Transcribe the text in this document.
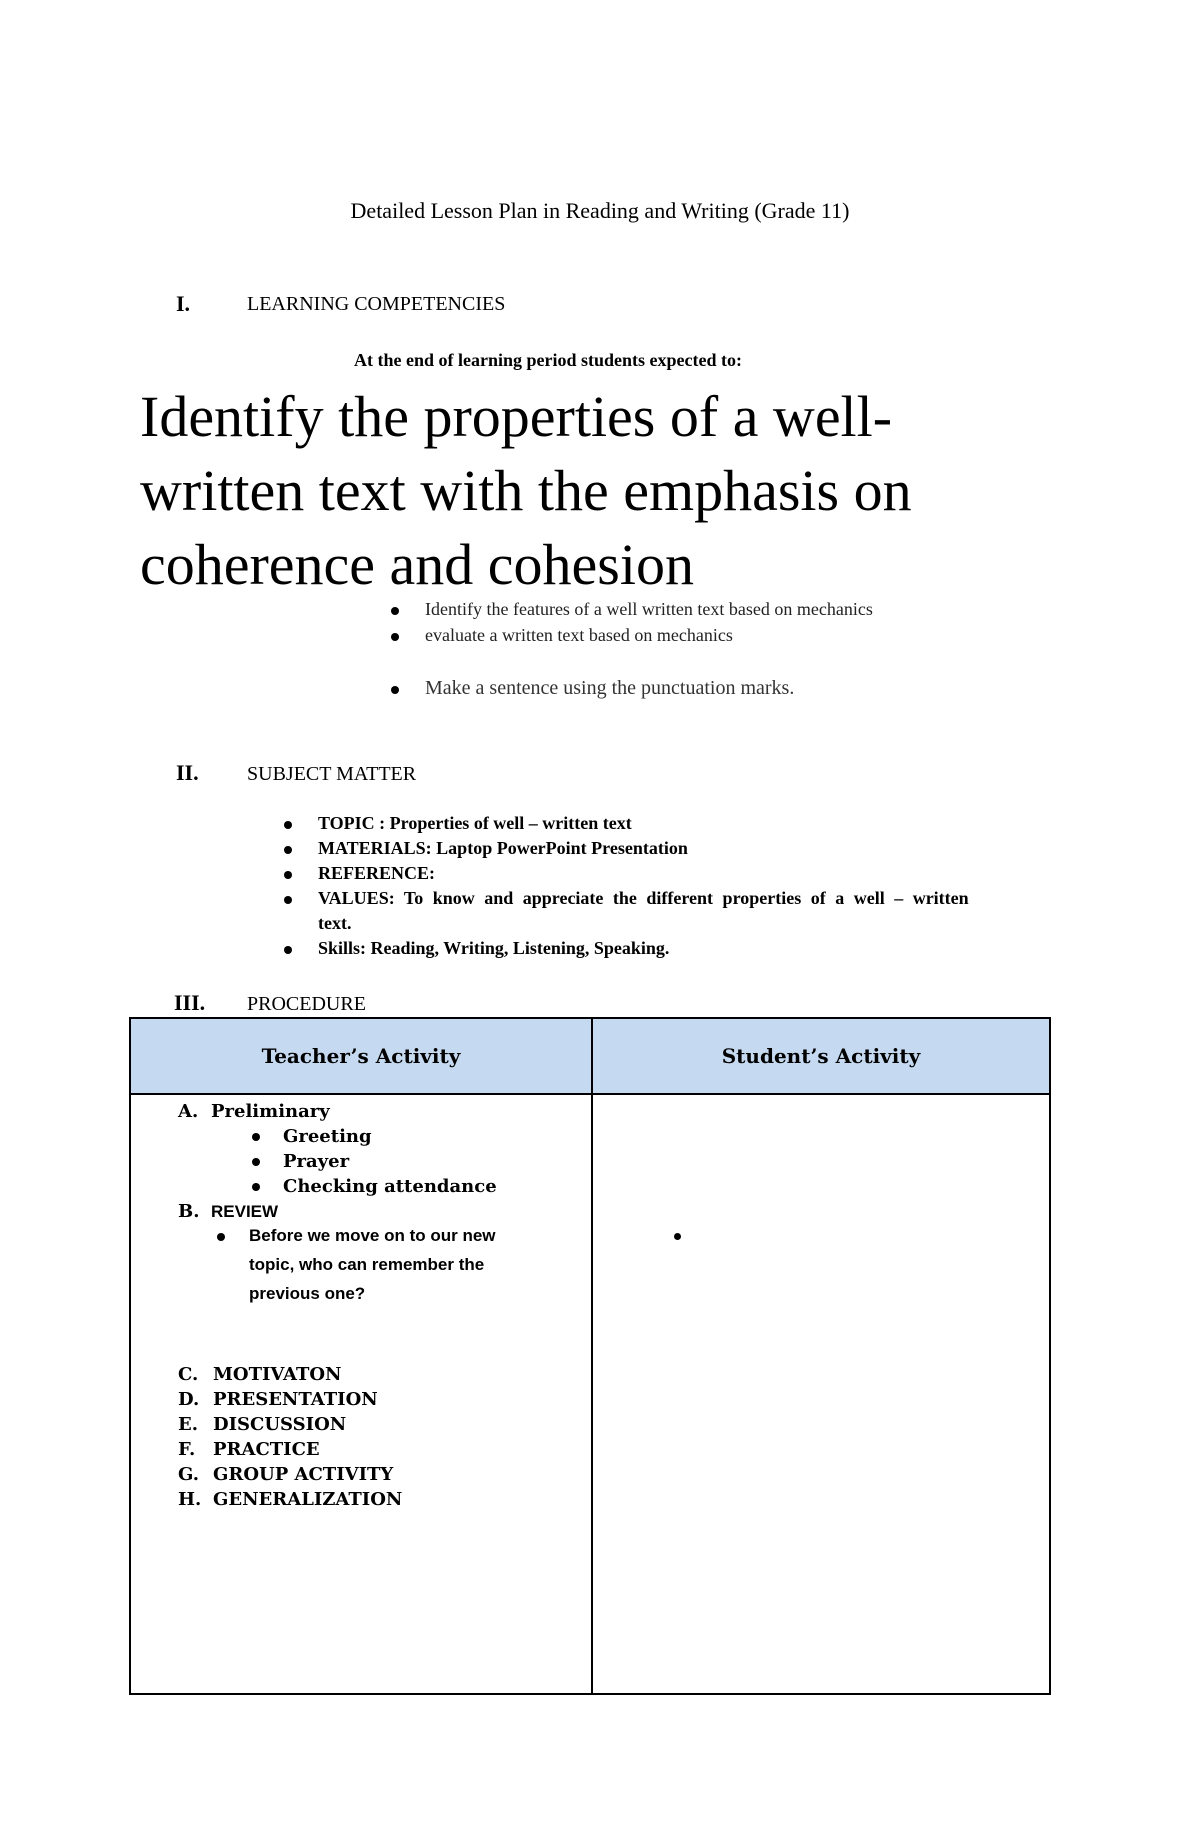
Detailed Lesson Plan in Reading and Writing (Grade 11)
I.	LEARNING COMPETENCIES
At the end of learning period students expected to:
Identify the properties of a well-
written text with the emphasis on
coherence and cohesion
Identify the features of a well written text based on mechanics
evaluate a written text based on mechanics
Make a sentence using the punctuation marks.
II. SUBJECT MATTER
TOPIC : Properties of well – written text
MATERIALS: Laptop PowerPoint Presentation
REFERENCE:
VALUES: To know and appreciate the different properties of a well – written
text.
Skills: Reading, Writing, Listening, Speaking.
III. PROCEDURE
Teacher’s Activity	Student’s Activity
A. Preliminary
Greeting
Prayer
Checking attendance
B. REVIEW
Before we move on to our new
topic, who can remember the
previous one?
C. MOTIVATON
D. PRESENTATION
E. DISCUSSION
F. PRACTICE
G. GROUP ACTIVITY
H. GENERALIZATION
